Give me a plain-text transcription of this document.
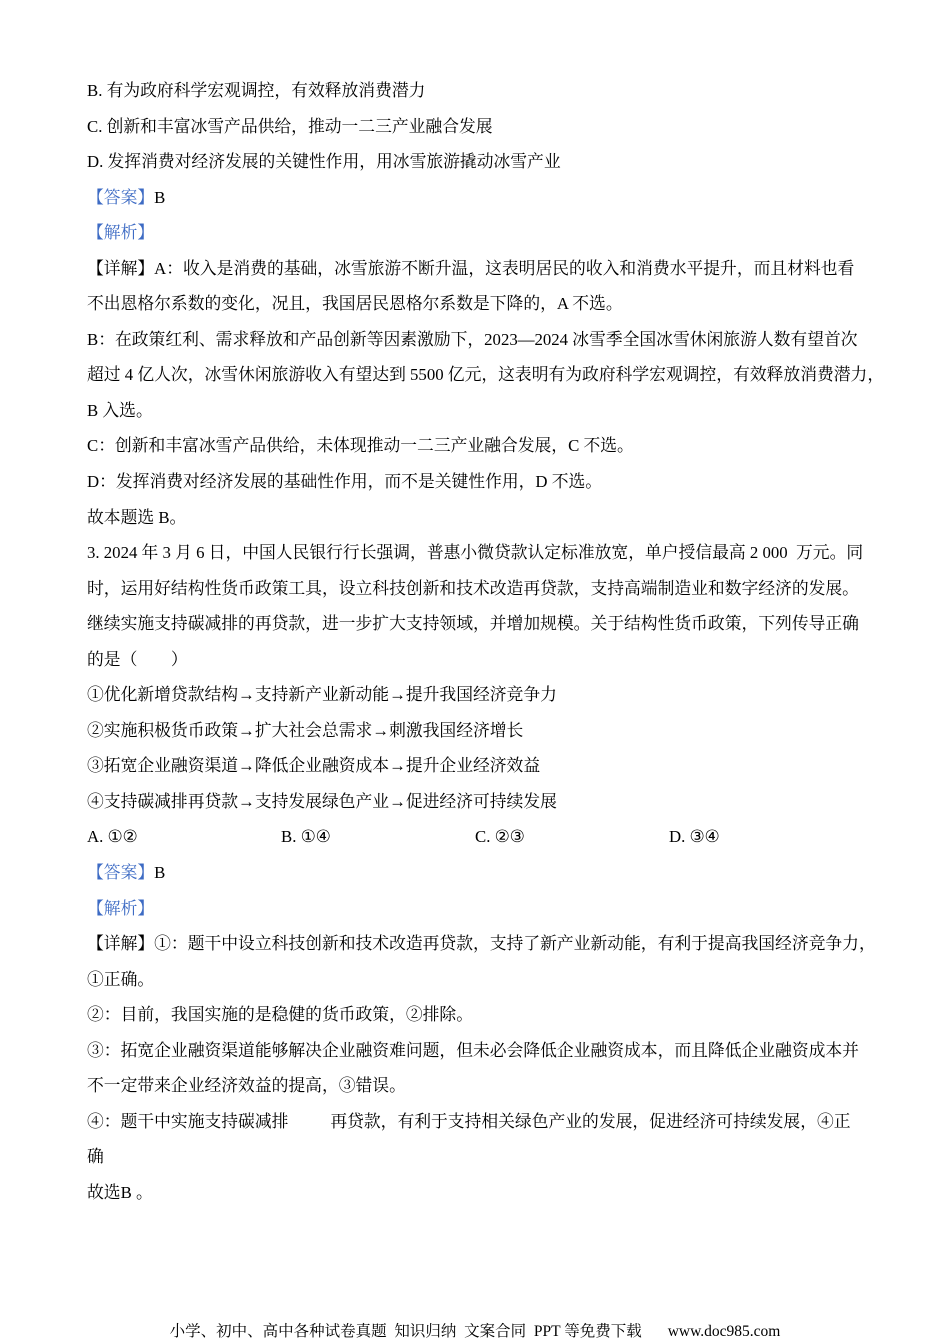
B. 有为政府科学宏观调控，有效释放消费潜力
C. 创新和丰富冰雪产品供给，推动一二三产业融合发展
D. 发挥消费对经济发展的关键性作用，用冰雪旅游撬动冰雪产业
【答案】B
【解析】
【详解】A：收入是消费的基础，冰雪旅游不断升温，这表明居民的收入和消费水平提升，而且材料也看
不出恩格尔系数的变化，况且，我国居民恩格尔系数是下降的，A 不选。
B：在政策红利、需求释放和产品创新等因素激励下，2023—2024 冰雪季全国冰雪休闲旅游人数有望首次
超过 4 亿人次，冰雪休闲旅游收入有望达到 5500 亿元，这表明有为政府科学宏观调控，有效释放消费潜力，
B 入选。
C：创新和丰富冰雪产品供给，未体现推动一二三产业融合发展，C 不选。
D：发挥消费对经济发展的基础性作用，而不是关键性作用，D 不选。
故本题选 B。
3. 2024 年 3 月 6 日，中国人民银行行长强调，普惠小微贷款认定标准放宽，单户授信最高 2 000  万元。同
时，运用好结构性货币政策工具，设立科技创新和技术改造再贷款，支持高端制造业和数字经济的发展。
继续实施支持碳减排的再贷款，进一步扩大支持领域，并增加规模。关于结构性货币政策，下列传导正确
的是（　　）
①优化新增贷款结构→支持新产业新动能→提升我国经济竞争力
②实施积极货币政策→扩大社会总需求→刺激我国经济增长
③拓宽企业融资渠道→降低企业融资成本→提升企业经济效益
④支持碳减排再贷款→支持发展绿色产业→促进经济可持续发展
A. ①②	B. ①④	C. ②③	D. ③④
【答案】B
【解析】
【详解】①：题干中设立科技创新和技术改造再贷款，支持了新产业新动能，有利于提高我国经济竞争力，
①正确。
②：目前，我国实施的是稳健的货币政策，②排除。
③：拓宽企业融资渠道能够解决企业融资难问题，但未必会降低企业融资成本，而且降低企业融资成本并
不一定带来企业经济效益的提高，③错误。
④：题干中实施支持碳减排          再贷款，有利于支持相关绿色产业的发展，促进经济可持续发展，④正
确
故选B 。
小学、初中、高中各种试卷真题  知识归纳  文案合同  PPT 等免费下载 www.doc985.com
